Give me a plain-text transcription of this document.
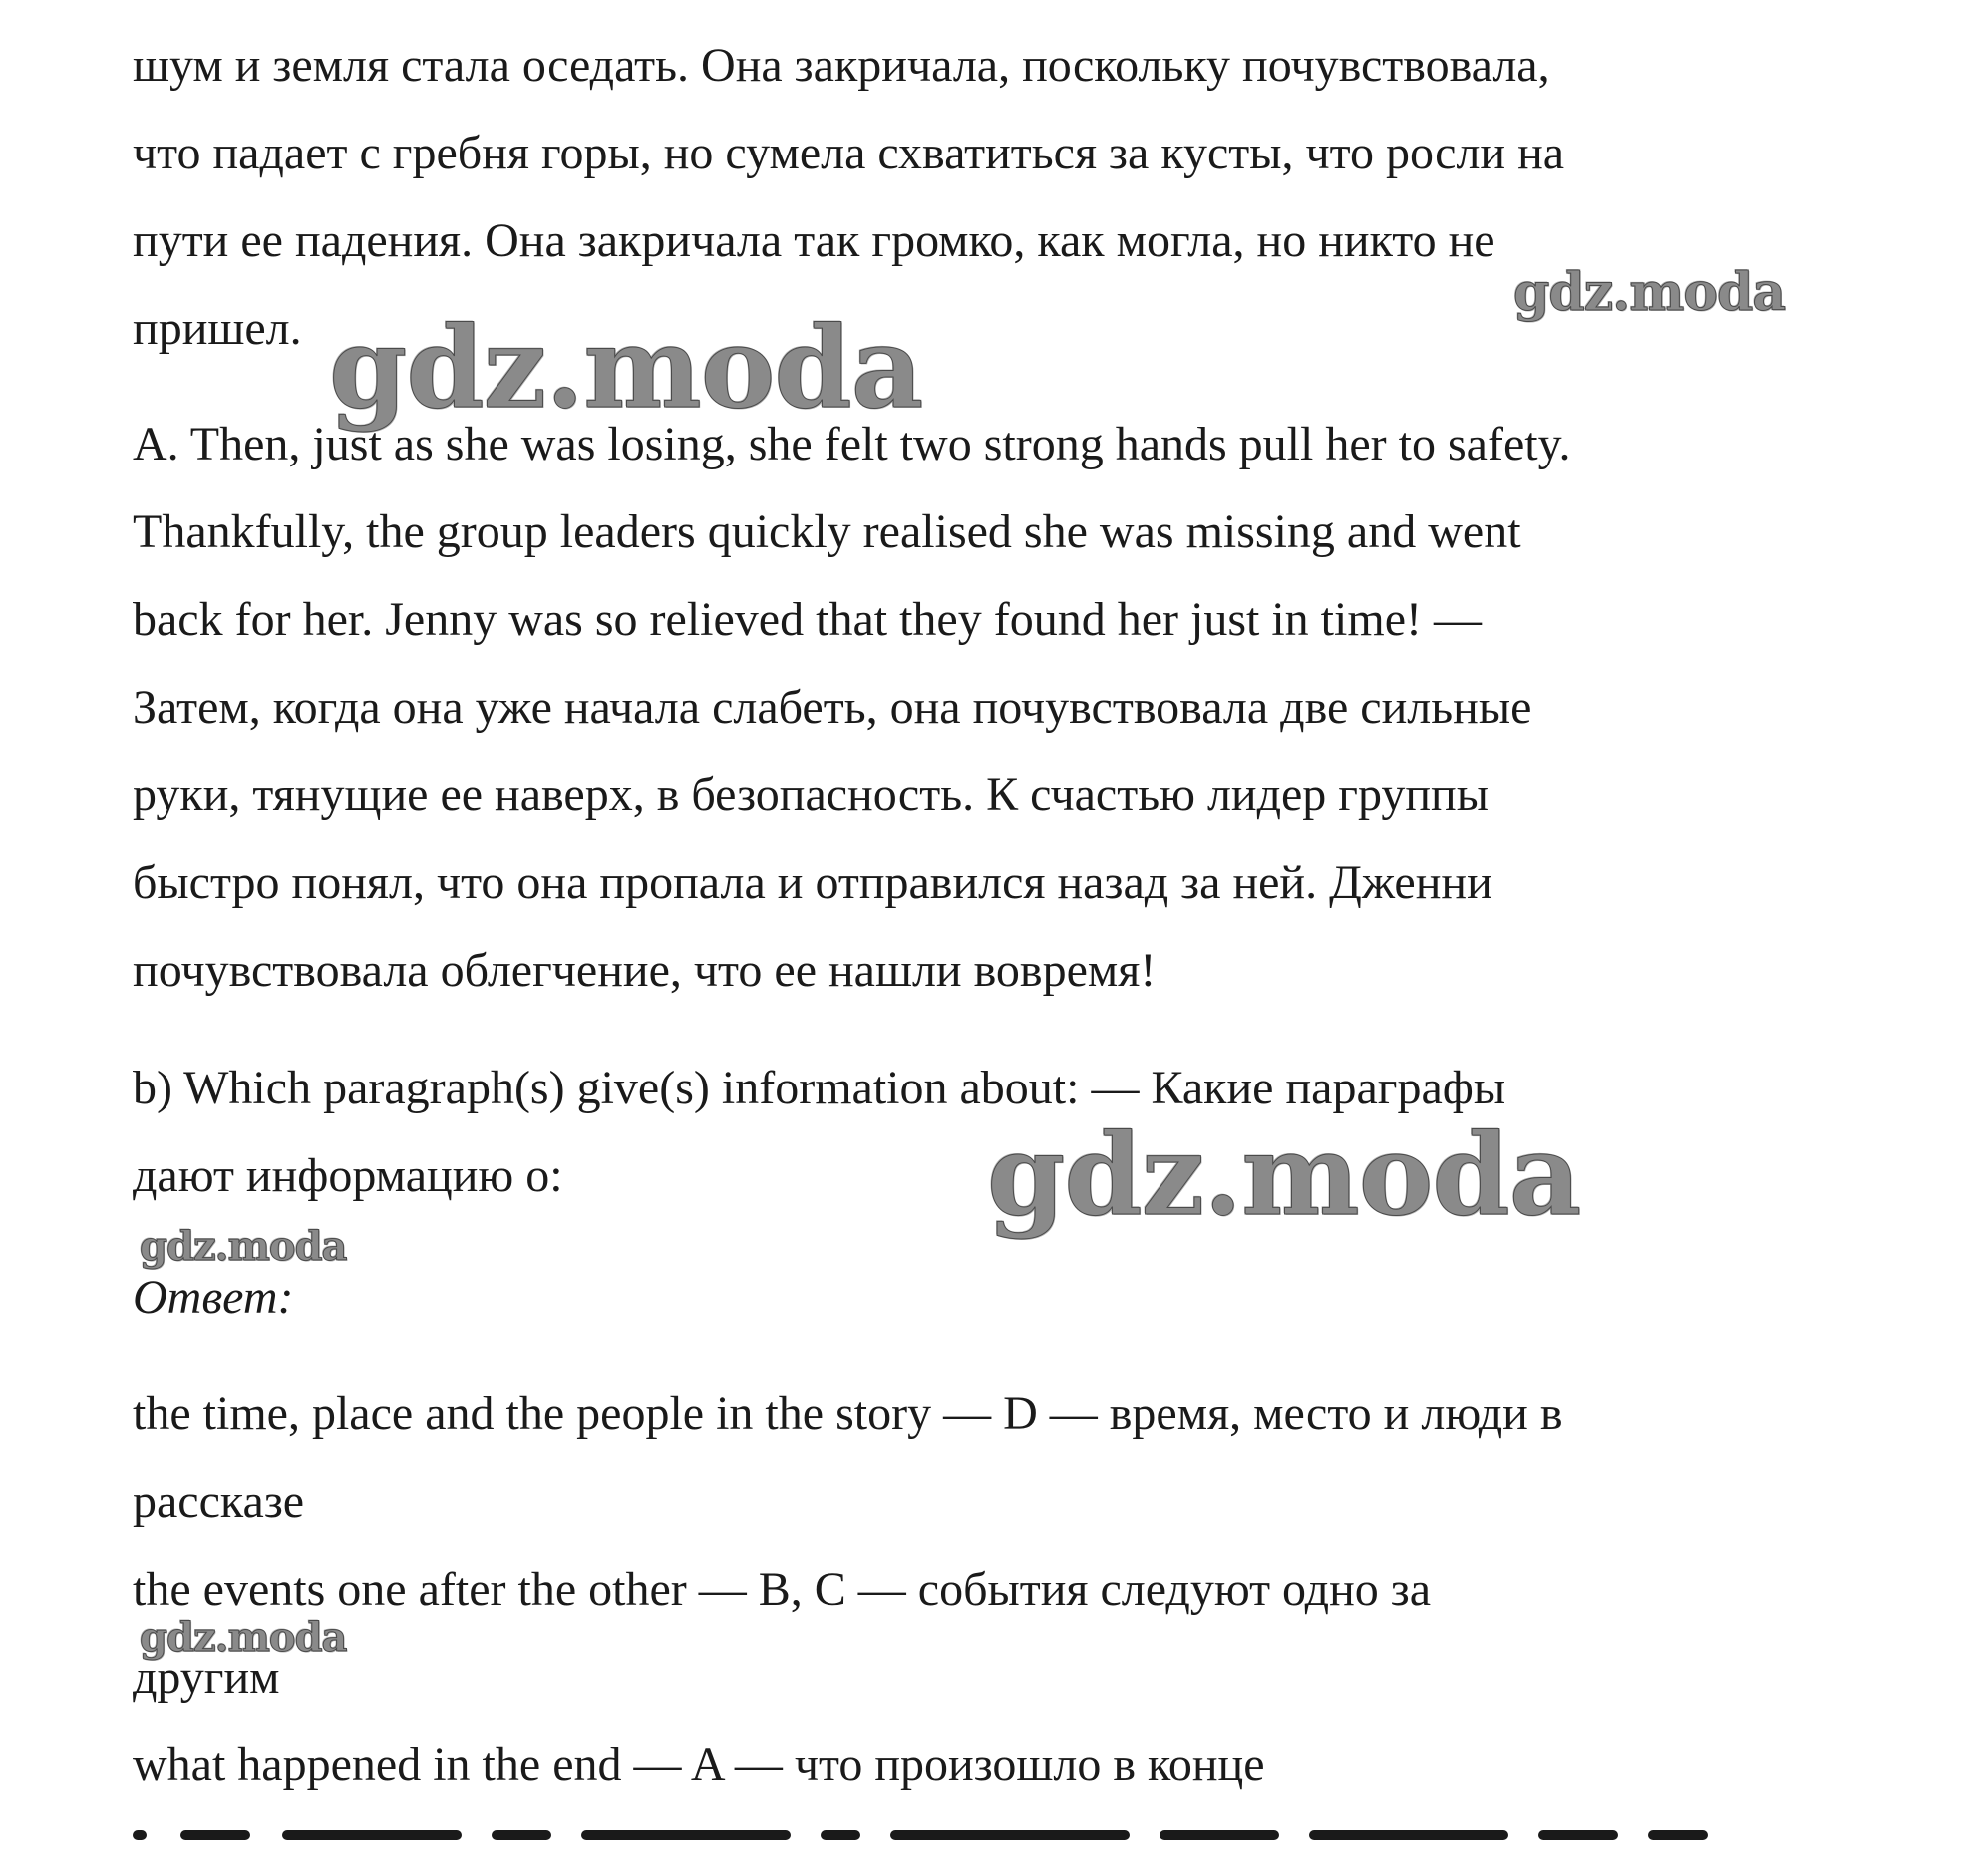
шум и земля стала оседать. Она закричала, поскольку почувствовала,
что падает с гребня горы, но сумела схватиться за кусты, что росли на
пути ее падения. Она закричала так громко, как могла, но никто не
пришел.
A. Then, just as she was losing, she felt two strong hands pull her to safety.
Thankfully, the group leaders quickly realised she was missing and went
back for her. Jenny was so relieved that they found her just in time! —
Затем, когда она уже начала слабеть, она почувствовала две сильные
руки, тянущие ее наверх, в безопасность. К счастью лидер группы
быстро понял, что она пропала и отправился назад за ней. Дженни
почувствовала облегчение, что ее нашли вовремя!
b) Which paragraph(s) give(s) information about: — Какие параграфы
дают информацию о:
Ответ:
the time, place and the people in the story — D — время, место и люди в
рассказе
the events one after the other — B, C — события следуют одно за
другим
what happened in the end — A — что произошло в конце
gdz.moda
gdz.moda
gdz.moda
gdz.moda
gdz.moda
